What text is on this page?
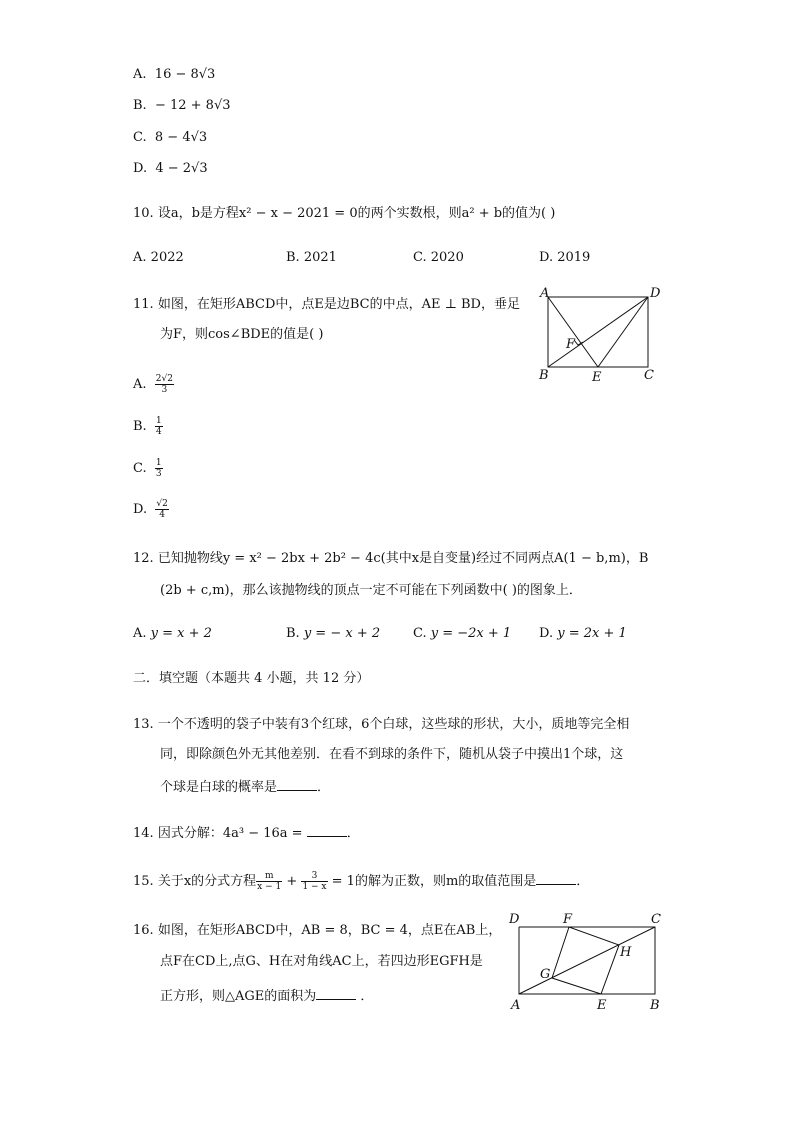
A. 16 − 8√3
B. − 12 + 8√3
C. 8 − 4√3
D. 4 − 2√3
10. 设a，b是方程x² − x − 2021 = 0的两个实数根，则a² + b的值为( )
A. 2022	B. 2021	C. 2020	D. 2019
11. 如图，在矩形ABCD中，点E是边BC的中点，AE ⊥ BD，垂足
为F，则cos∠BDE的值是( )
A	D
F
B	E	C
A. $\frac{2√2}{3}$
B. $\frac{1}{4}$
C. $\frac{1}{3}$
D. $\frac{√2}{4}$
12. 已知抛物线y = x² − 2bx + 2b² − 4c(其中x是自变量)经过不同两点A(1 − b,m)，B
(2b + c,m)，那么该抛物线的顶点一定不可能在下列函数中( )的图象上．
A. y = x + 2	B. y = − x + 2	C. y = −2x + 1 D. y = 2x + 1
二．填空题（本题共 4 小题，共 12 分）
13. 一个不透明的袋子中装有3个红球，6个白球，这些球的形状，大小，质地等完全相
同，即除颜色外无其他差别．在看不到球的条件下，随机从袋子中摸出1个球，这
个球是白球的概率是	．
14. 因式分解：4a³ − 16a =	．
15. 关于x的分式方程 $\frac{m}{x - 1} + \frac{3}{1 - x} = 1$的解为正数，则m的取值范围是	．
16. 如图，在矩形ABCD中，AB = 8，BC = 4，点E在AB上，
点F在CD上,点G、H在对角线AC上，若四边形EGFH是
正方形，则△AGE的面积为	．
D	F	C
H
G
A	E	B
